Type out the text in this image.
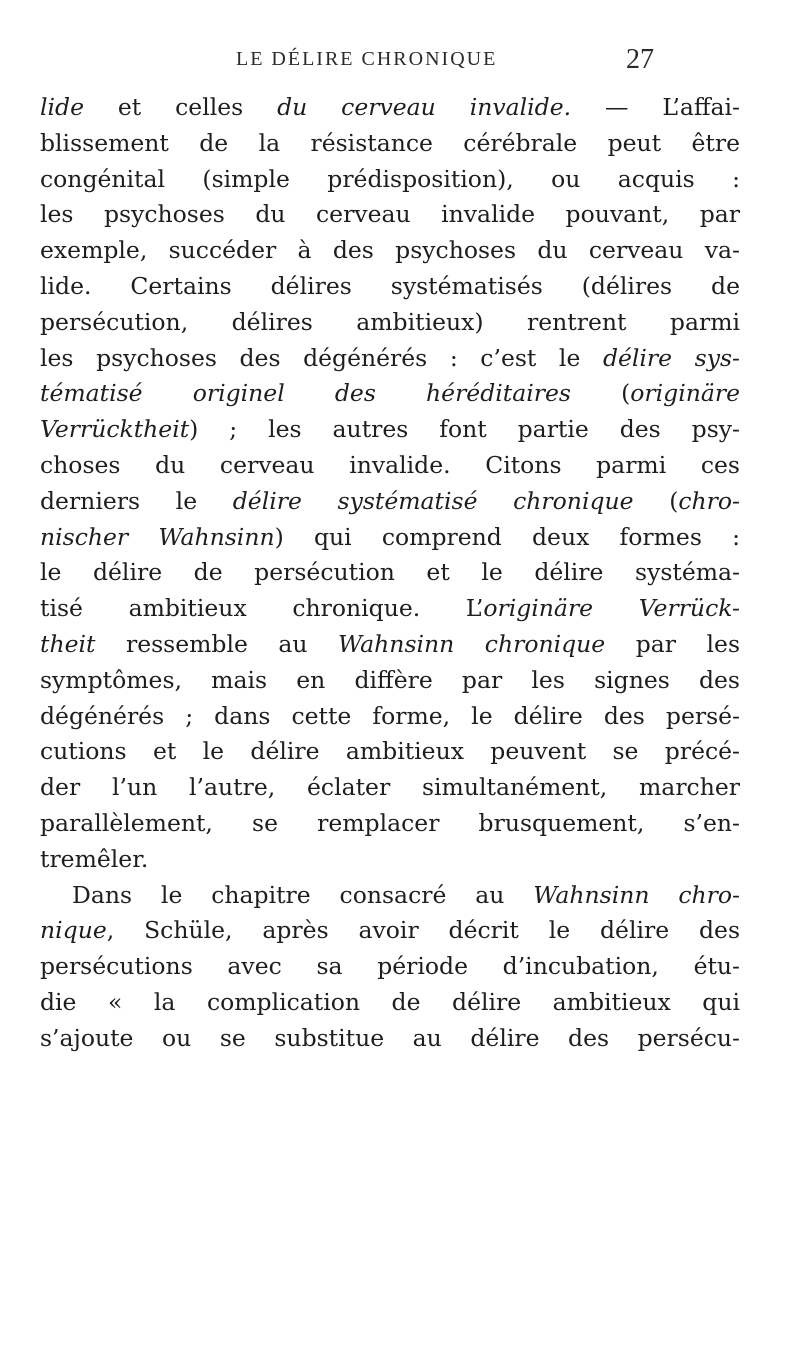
LE DÉLIRE CHRONIQUE	27
lide et celles du cerveau invalide. — L’affai-
blissement de la résistance cérébrale peut être
congénital (simple prédisposition), ou acquis :
les psychoses du cerveau invalide pouvant, par
exemple, succéder à des psychoses du cerveau va-
lide. Certains délires systématisés (délires de
persécution, délires ambitieux) rentrent parmi
les psychoses des dégénérés : c’est le délire sys-
tématisé originel des héréditaires (originäre
Verrücktheit) ; les autres font partie des psy-
choses du cerveau invalide. Citons parmi ces
derniers le délire systématisé chronique (chro-
nischer Wahnsinn) qui comprend deux formes :
le délire de persécution et le délire systéma-
tisé ambitieux chronique. L’originäre Verrück-
theit ressemble au Wahnsinn chronique par les
symptômes, mais en diffère par les signes des
dégénérés ; dans cette forme, le délire des persé-
cutions et le délire ambitieux peuvent se précé-
der l’un l’autre, éclater simultanément, marcher
parallèlement, se remplacer brusquement, s’en-
tremêler.
Dans le chapitre consacré au Wahnsinn chro-
nique, Schüle, après avoir décrit le délire des
persécutions avec sa période d’incubation, étu-
die « la complication de délire ambitieux qui
s’ajoute ou se substitue au délire des persécu-
